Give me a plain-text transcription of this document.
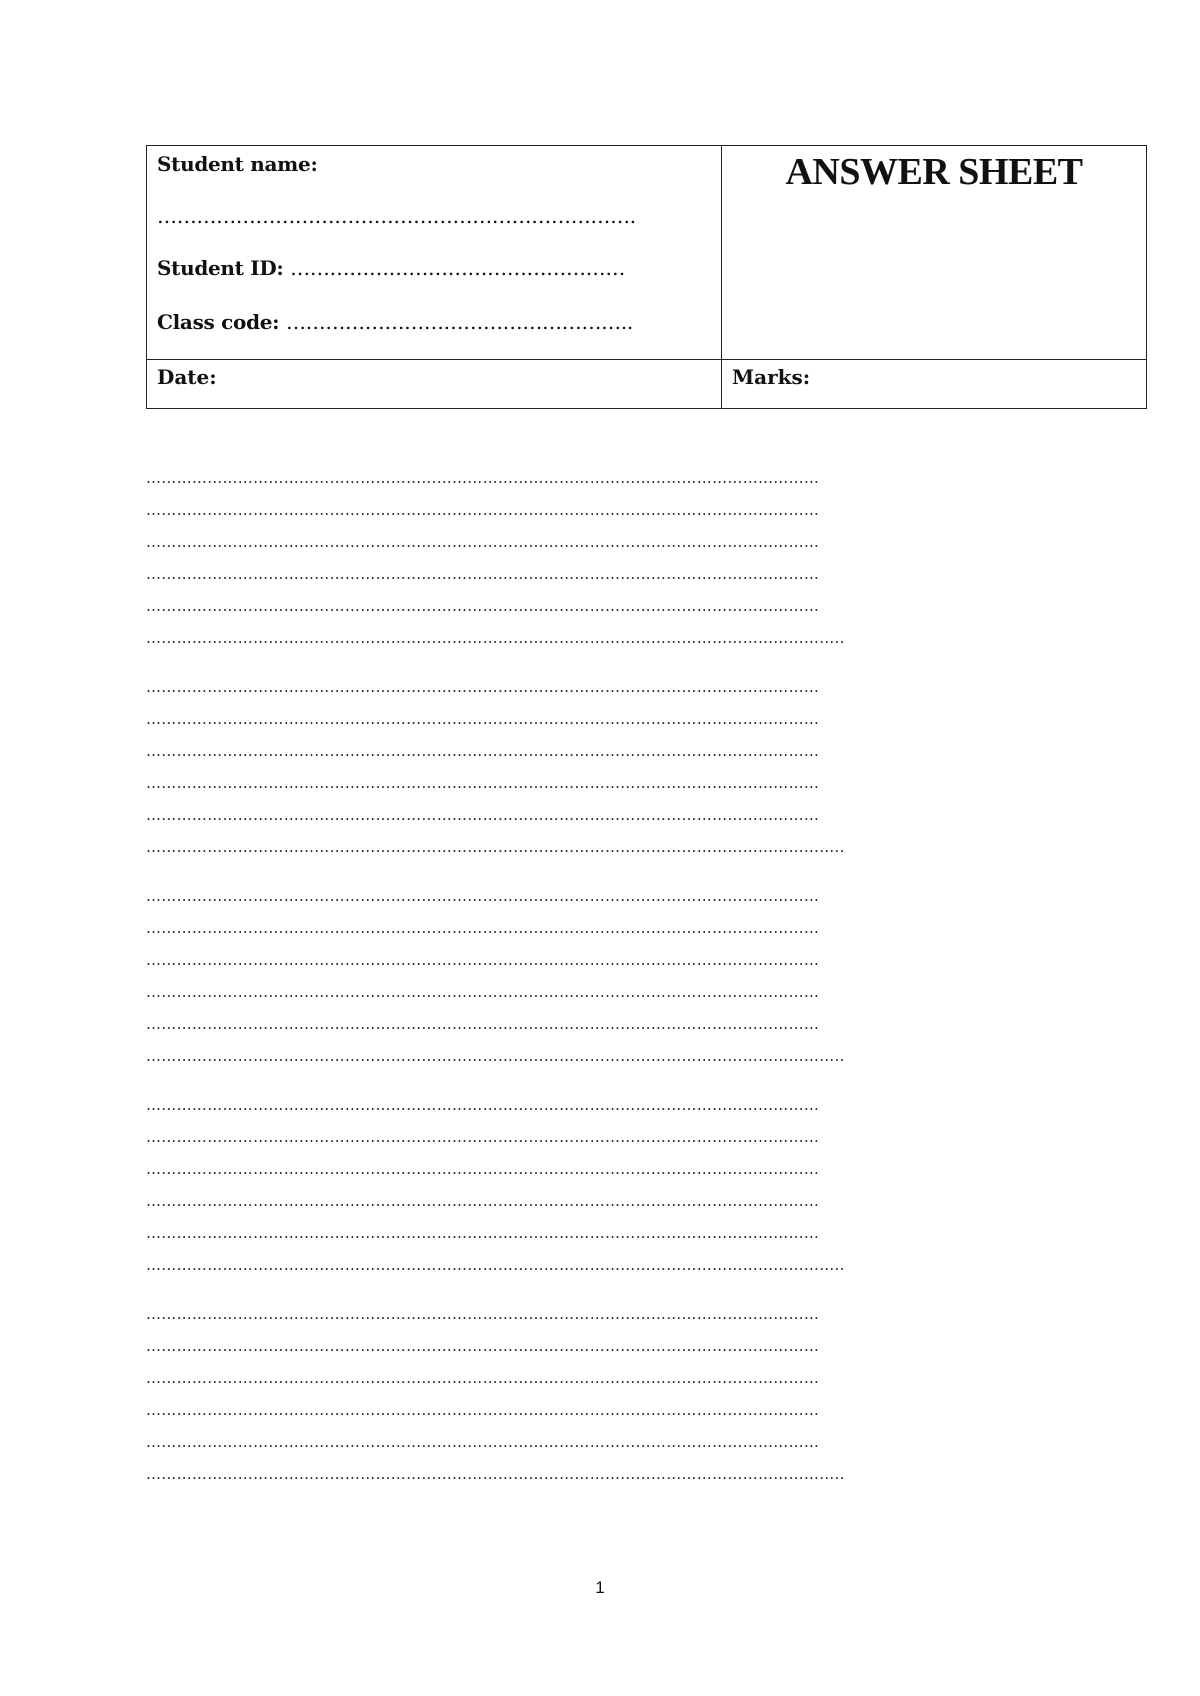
Student name:
……………………………………………………………….
Student ID: ……………………………………………
Class code: ……………………………………………..	ANSWER SHEET

Date:	Marks:
……………………………………………………………………………………………………………………
……………………………………………………………………………………………………………………
……………………………………………………………………………………………………………………
……………………………………………………………………………………………………………………
……………………………………………………………………………………………………………………
………………………………………………………………………………………………………………………..
……………………………………………………………………………………………………………………
……………………………………………………………………………………………………………………
……………………………………………………………………………………………………………………
……………………………………………………………………………………………………………………
……………………………………………………………………………………………………………………
………………………………………………………………………………………………………………………..
……………………………………………………………………………………………………………………
……………………………………………………………………………………………………………………
……………………………………………………………………………………………………………………
……………………………………………………………………………………………………………………
……………………………………………………………………………………………………………………
………………………………………………………………………………………………………………………..
……………………………………………………………………………………………………………………
……………………………………………………………………………………………………………………
……………………………………………………………………………………………………………………
……………………………………………………………………………………………………………………
……………………………………………………………………………………………………………………
………………………………………………………………………………………………………………………..
……………………………………………………………………………………………………………………
……………………………………………………………………………………………………………………
……………………………………………………………………………………………………………………
……………………………………………………………………………………………………………………
……………………………………………………………………………………………………………………
………………………………………………………………………………………………………………………..
1
